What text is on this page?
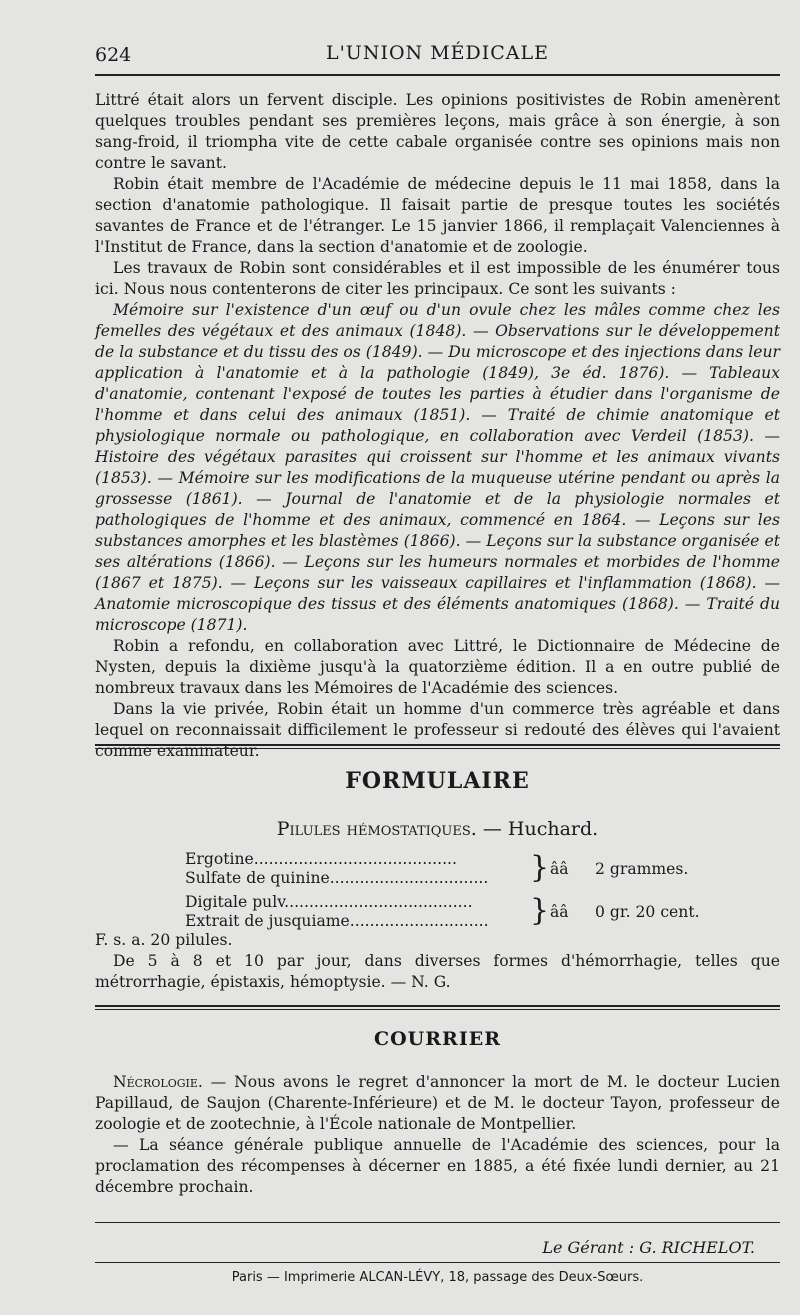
624	L'UNION MÉDICALE

Littré était alors un fervent disciple. Les opinions positivistes de Robin amenèrent quelques troubles pendant ses premières leçons, mais grâce à son énergie, à son sang-froid, il triompha vite de cette cabale organisée contre ses opinions mais non contre le savant.

Robin était membre de l'Académie de médecine depuis le 11 mai 1858, dans la section d'anatomie pathologique. Il faisait partie de presque toutes les sociétés savantes de France et de l'étranger. Le 15 janvier 1866, il remplaçait Valenciennes à l'Institut de France, dans la section d'anatomie et de zoologie.

Les travaux de Robin sont considérables et il est impossible de les énumérer tous ici. Nous nous contenterons de citer les principaux. Ce sont les suivants :

Mémoire sur l'existence d'un œuf ou d'un ovule chez les mâles comme chez les femelles des végétaux et des animaux (1848). — Observations sur le développement de la substance et du tissu des os (1849). — Du microscope et des injections dans leur application à l'anatomie et à la pathologie (1849), 3e éd. 1876). — Tableaux d'anatomie, contenant l'exposé de toutes les parties à étudier dans l'organisme de l'homme et dans celui des animaux (1851). — Traité de chimie anatomique et physiologique normale ou pathologique, en collaboration avec Verdeil (1853). — Histoire des végétaux parasites qui croissent sur l'homme et les animaux vivants (1853). — Mémoire sur les modifications de la muqueuse utérine pendant ou après la grossesse (1861). — Journal de l'anatomie et de la physiologie normales et pathologiques de l'homme et des animaux, commencé en 1864. — Leçons sur les substances amorphes et les blastèmes (1866). — Leçons sur la substance organisée et ses altérations (1866). — Leçons sur les humeurs normales et morbides de l'homme (1867 et 1875). — Leçons sur les vaisseaux capillaires et l'inflammation (1868). — Anatomie microscopique des tissus et des éléments anatomiques (1868). — Traité du microscope (1871).

Robin a refondu, en collaboration avec Littré, le Dictionnaire de Médecine de Nysten, depuis la dixième jusqu'à la quatorzième édition. Il a en outre publié de nombreux travaux dans les Mémoires de l'Académie des sciences.

Dans la vie privée, Robin était un homme d'un commerce très agréable et dans lequel on reconnaissait difficilement le professeur si redouté des élèves qui l'avaient comme examinateur.

FORMULAIRE
Pilules hémostatiques. — Huchard.
Ergotine.........................................
Sulfate de quinine................................	} ââ	2 grammes.
Digitale pulv......................................
Extrait de jusquiame............................	} ââ	0 gr. 20 cent.

F. s. a. 20 pilules.

De 5 à 8 et 10 par jour, dans diverses formes d'hémorrhagie, telles que métrorrhagie, épistaxis, hémoptysie. — N. G.

COURRIER

Nécrologie. — Nous avons le regret d'annoncer la mort de M. le docteur Lucien Papillaud, de Saujon (Charente-Inférieure) et de M. le docteur Tayon, professeur de zoologie et de zootechnie, à l'École nationale de Montpellier.

— La séance générale publique annuelle de l'Académie des sciences, pour la proclamation des récompenses à décerner en 1885, a été fixée lundi dernier, au 21 décembre prochain.

Le Gérant : G. RICHELOT.
Paris — Imprimerie ALCAN-LÉVY, 18, passage des Deux-Sœurs.
